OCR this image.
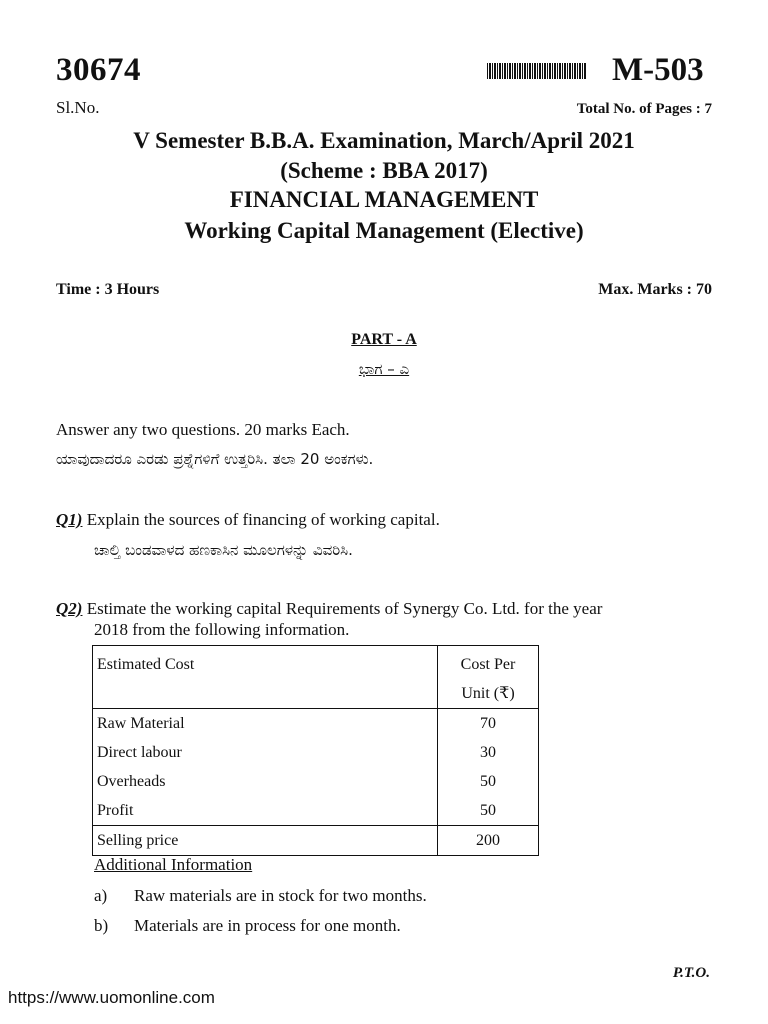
30674	M-503
Sl.No.	Total No. of Pages : 7
V Semester B.B.A. Examination, March/April 2021
(Scheme : BBA 2017)
FINANCIAL MANAGEMENT
Working Capital Management (Elective)
Time : 3 Hours	Max. Marks : 70
PART - A
ಭಾಗ – ಎ
Answer any two questions. 20 marks Each.
ಯಾವುದಾದರೂ ಎರಡು ಪ್ರಶ್ನೆಗಳಿಗೆ ಉತ್ತರಿಸಿ. ತಲಾ 20 ಅಂಕಗಳು.
Q1) Explain the sources of financing of working capital.
ಚಾಲ್ತಿ ಬಂಡವಾಳದ ಹಣಕಾಸಿನ ಮೂಲಗಳನ್ನು ವಿವರಿಸಿ.
Q2) Estimate the working capital Requirements of Synergy Co. Ltd. for the year
2018 from the following information.
Estimated Cost	Cost Per
Unit (₹)
Raw Material	70
Direct labour	30
Overheads	50
Profit	50
Selling price	200
Additional Information
a) Raw materials are in stock for two months.
b) Materials are in process for one month.
P.T.O.
https://www.uomonline.com
